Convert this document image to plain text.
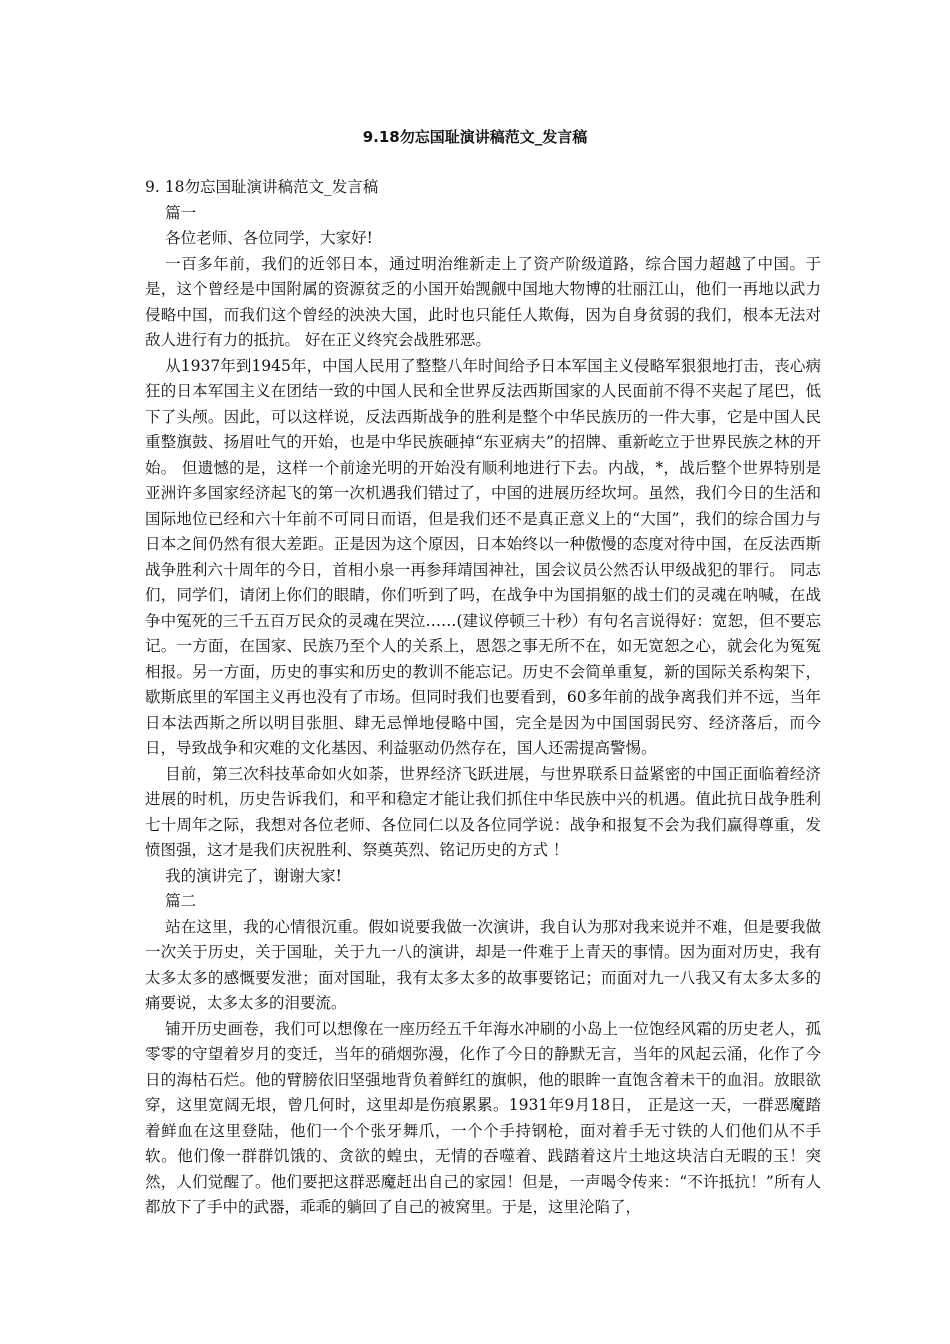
9.18勿忘国耻演讲稿范文_发言稿

9. 18勿忘国耻演讲稿范文_发言稿

篇一

各位老师、各位同学，大家好!

一百多年前，我们的近邻日本，通过明治维新走上了资产阶级道路，综合国力超越了中国。于是，这个曾经是中国附属的资源贫乏的小国开始觊觎中国地大物博的壮丽江山，他们一再地以武力侵略中国，而我们这个曾经的泱泱大国，此时也只能任人欺侮，因为自身贫弱的我们，根本无法对敌人进行有力的抵抗。 好在正义终究会战胜邪恶。

从1937年到1945年，中国人民用了整整八年时间给予日本军国主义侵略军狠狠地打击，丧心病狂的日本军国主义在团结一致的中国人民和全世界反法西斯国家的人民面前不得不夹起了尾巴，低下了头颅。因此，可以这样说，反法西斯战争的胜利是整个中华民族历的一件大事，它是中国人民重整旗鼓、扬眉吐气的开始，也是中华民族砸掉“东亚病夫”的招牌、重新屹立于世界民族之林的开始。 但遗憾的是，这样一个前途光明的开始没有顺利地进行下去。内战，*，战后整个世界特别是亚洲许多国家经济起飞的第一次机遇我们错过了，中国的进展历经坎坷。虽然，我们今日的生活和国际地位已经和六十年前不可同日而语，但是我们还不是真正意义上的“大国”，我们的综合国力与日本之间仍然有很大差距。正是因为这个原因，日本始终以一种傲慢的态度对待中国，在反法西斯战争胜利六十周年的今日，首相小泉一再参拜靖国神社，国会议员公然否认甲级战犯的罪行。 同志们，同学们，请闭上你们的眼睛，你们听到了吗，在战争中为国捐躯的战士们的灵魂在呐喊，在战争中冤死的三千五百万民众的灵魂在哭泣……(建议停顿三十秒）有句名言说得好：宽恕，但不要忘记。一方面，在国家、民族乃至个人的关系上，恩怨之事无所不在，如无宽恕之心，就会化为冤冤相报。另一方面，历史的事实和历史的教训不能忘记。历史不会简单重复，新的国际关系构架下，歇斯底里的军国主义再也没有了市场。但同时我们也要看到，60多年前的战争离我们并不远，当年日本法西斯之所以明目张胆、肆无忌惮地侵略中国，完全是因为中国国弱民穷、经济落后，而今日，导致战争和灾难的文化基因、利益驱动仍然存在，国人还需提高警惕。

目前，第三次科技革命如火如荼，世界经济飞跃进展，与世界联系日益紧密的中国正面临着经济进展的时机，历史告诉我们，和平和稳定才能让我们抓住中华民族中兴的机遇。值此抗日战争胜利七十周年之际，我想对各位老师、各位同仁以及各位同学说：战争和报复不会为我们赢得尊重，发愤图强，这才是我们庆祝胜利、祭奠英烈、铭记历史的方式 ！

我的演讲完了，谢谢大家!

篇二

站在这里，我的心情很沉重。假如说要我做一次演讲，我自认为那对我来说并不难，但是要我做一次关于历史，关于国耻，关于九一八的演讲，却是一件难于上青天的事情。因为面对历史，我有太多太多的感慨要发泄；面对国耻，我有太多太多的故事要铭记；而面对九一八我又有太多太多的痛要说，太多太多的泪要流。

铺开历史画卷，我们可以想像在一座历经五千年海水冲刷的小岛上一位饱经风霜的历史老人，孤零零的守望着岁月的变迁，当年的硝烟弥漫，化作了今日的静默无言，当年的风起云涌，化作了今日的海枯石烂。他的臂膀依旧坚强地背负着鲜红的旗帜，他的眼眸一直饱含着未干的血泪。放眼欲穿，这里宽阔无垠，曾几何时，这里却是伤痕累累。1931年9月18日， 正是这一天，一群恶魔踏着鲜血在这里登陆，他们一个个张牙舞爪，一个个手持钢枪，面对着手无寸铁的人们他们从不手软。他们像一群群饥饿的、贪欲的蝗虫，无情的吞噬着、践踏着这片土地这块洁白无暇的玉！突然，人们觉醒了。他们要把这群恶魔赶出自己的家园！但是，一声喝令传来：“不许抵抗！”所有人都放下了手中的武器，乖乖的躺回了自己的被窝里。于是，这里沦陷了，
